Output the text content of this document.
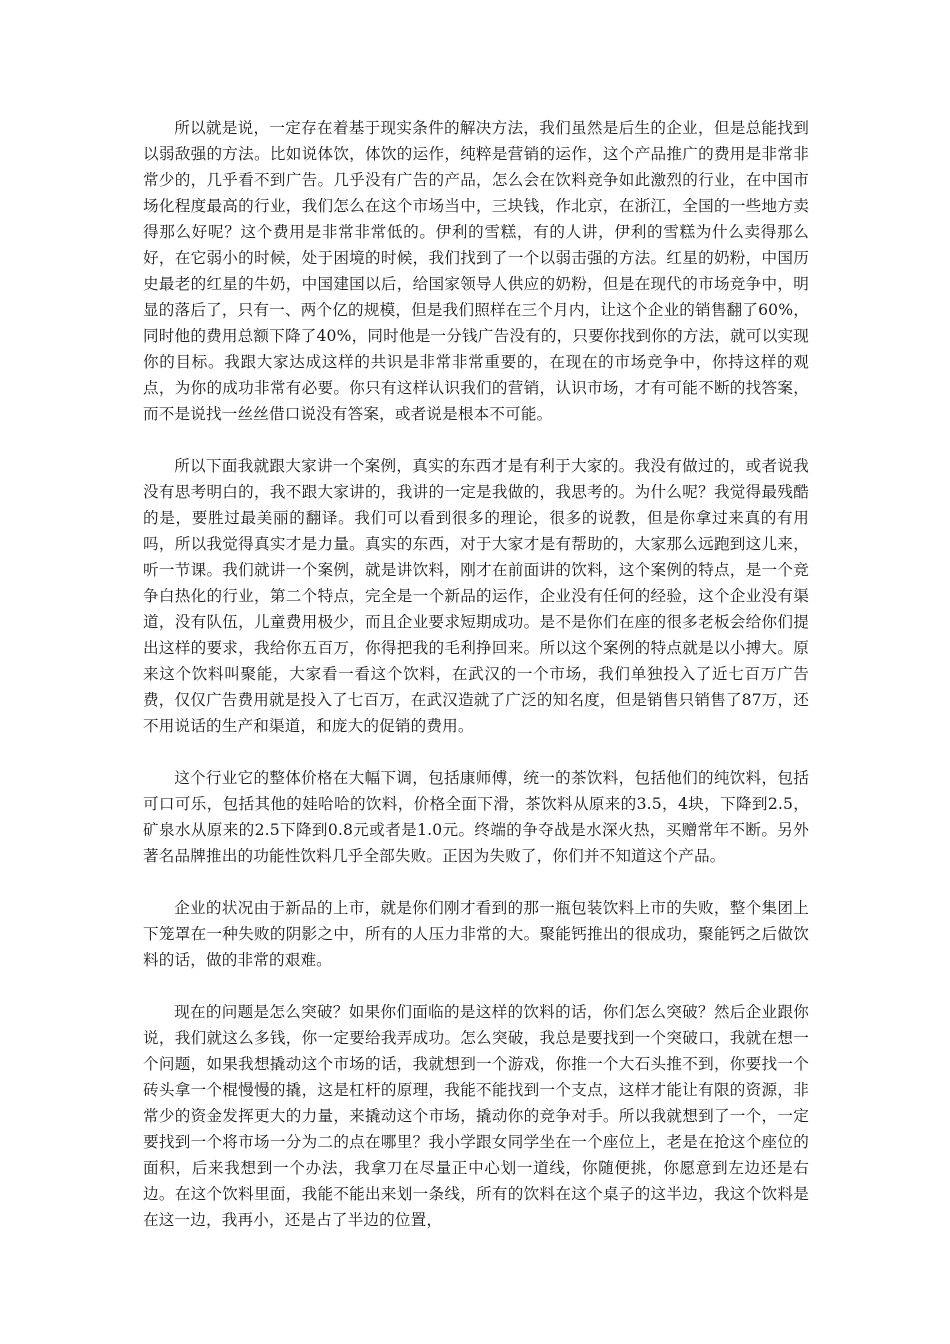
所以就是说，一定存在着基于现实条件的解决方法，我们虽然是后生的企业，但是总能找到以弱敌强的方法。比如说体饮，体饮的运作，纯粹是营销的运作，这个产品推广的费用是非常非常少的，几乎看不到广告。几乎没有广告的产品，怎么会在饮料竞争如此激烈的行业，在中国市场化程度最高的行业，我们怎么在这个市场当中，三块钱，作北京，在浙江，全国的一些地方卖得那么好呢？这个费用是非常非常低的。伊利的雪糕，有的人讲，伊利的雪糕为什么卖得那么好，在它弱小的时候，处于困境的时候，我们找到了一个以弱击强的方法。红星的奶粉，中国历史最老的红星的牛奶，中国建国以后，给国家领导人供应的奶粉，但是在现代的市场竞争中，明显的落后了，只有一、两个亿的规模，但是我们照样在三个月内，让这个企业的销售翻了60%，同时他的费用总额下降了40%，同时他是一分钱广告没有的，只要你找到你的方法，就可以实现你的目标。我跟大家达成这样的共识是非常非常重要的，在现在的市场竞争中，你持这样的观点，为你的成功非常有必要。你只有这样认识我们的营销，认识市场，才有可能不断的找答案，而不是说找一丝丝借口说没有答案，或者说是根本不可能。

所以下面我就跟大家讲一个案例，真实的东西才是有利于大家的。我没有做过的，或者说我没有思考明白的，我不跟大家讲的，我讲的一定是我做的，我思考的。为什么呢？我觉得最残酷的是，要胜过最美丽的翻译。我们可以看到很多的理论，很多的说教，但是你拿过来真的有用吗，所以我觉得真实才是力量。真实的东西，对于大家才是有帮助的，大家那么远跑到这儿来，听一节课。我们就讲一个案例，就是讲饮料，刚才在前面讲的饮料，这个案例的特点，是一个竞争白热化的行业，第二个特点，完全是一个新品的运作，企业没有任何的经验，这个企业没有渠道，没有队伍，儿童费用极少，而且企业要求短期成功。是不是你们在座的很多老板会给你们提出这样的要求，我给你五百万，你得把我的毛利挣回来。所以这个案例的特点就是以小搏大。原来这个饮料叫聚能，大家看一看这个饮料，在武汉的一个市场，我们单独投入了近七百万广告费，仅仅广告费用就是投入了七百万，在武汉造就了广泛的知名度，但是销售只销售了87万，还不用说话的生产和渠道，和庞大的促销的费用。

这个行业它的整体价格在大幅下调，包括康师傅，统一的茶饮料，包括他们的纯饮料，包括可口可乐，包括其他的娃哈哈的饮料，价格全面下滑，茶饮料从原来的3.5，4块，下降到2.5，矿泉水从原来的2.5下降到0.8元或者是1.0元。终端的争夺战是水深火热，买赠常年不断。另外著名品牌推出的功能性饮料几乎全部失败。正因为失败了，你们并不知道这个产品。

企业的状况由于新品的上市，就是你们刚才看到的那一瓶包装饮料上市的失败，整个集团上下笼罩在一种失败的阴影之中，所有的人压力非常的大。聚能钙推出的很成功，聚能钙之后做饮料的话，做的非常的艰难。

现在的问题是怎么突破？如果你们面临的是这样的饮料的话，你们怎么突破？然后企业跟你说，我们就这么多钱，你一定要给我弄成功。怎么突破，我总是要找到一个突破口，我就在想一个问题，如果我想撬动这个市场的话，我就想到一个游戏，你推一个大石头推不到，你要找一个砖头拿一个棍慢慢的撬，这是杠杆的原理，我能不能找到一个支点，这样才能让有限的资源，非常少的资金发挥更大的力量，来撬动这个市场，撬动你的竞争对手。所以我就想到了一个，一定要找到一个将市场一分为二的点在哪里？我小学跟女同学坐在一个座位上，老是在抢这个座位的面积，后来我想到一个办法，我拿刀在尽量正中心划一道线，你随便挑，你愿意到左边还是右边。在这个饮料里面，我能不能出来划一条线，所有的饮料在这个桌子的这半边，我这个饮料是在这一边，我再小，还是占了半边的位置，
